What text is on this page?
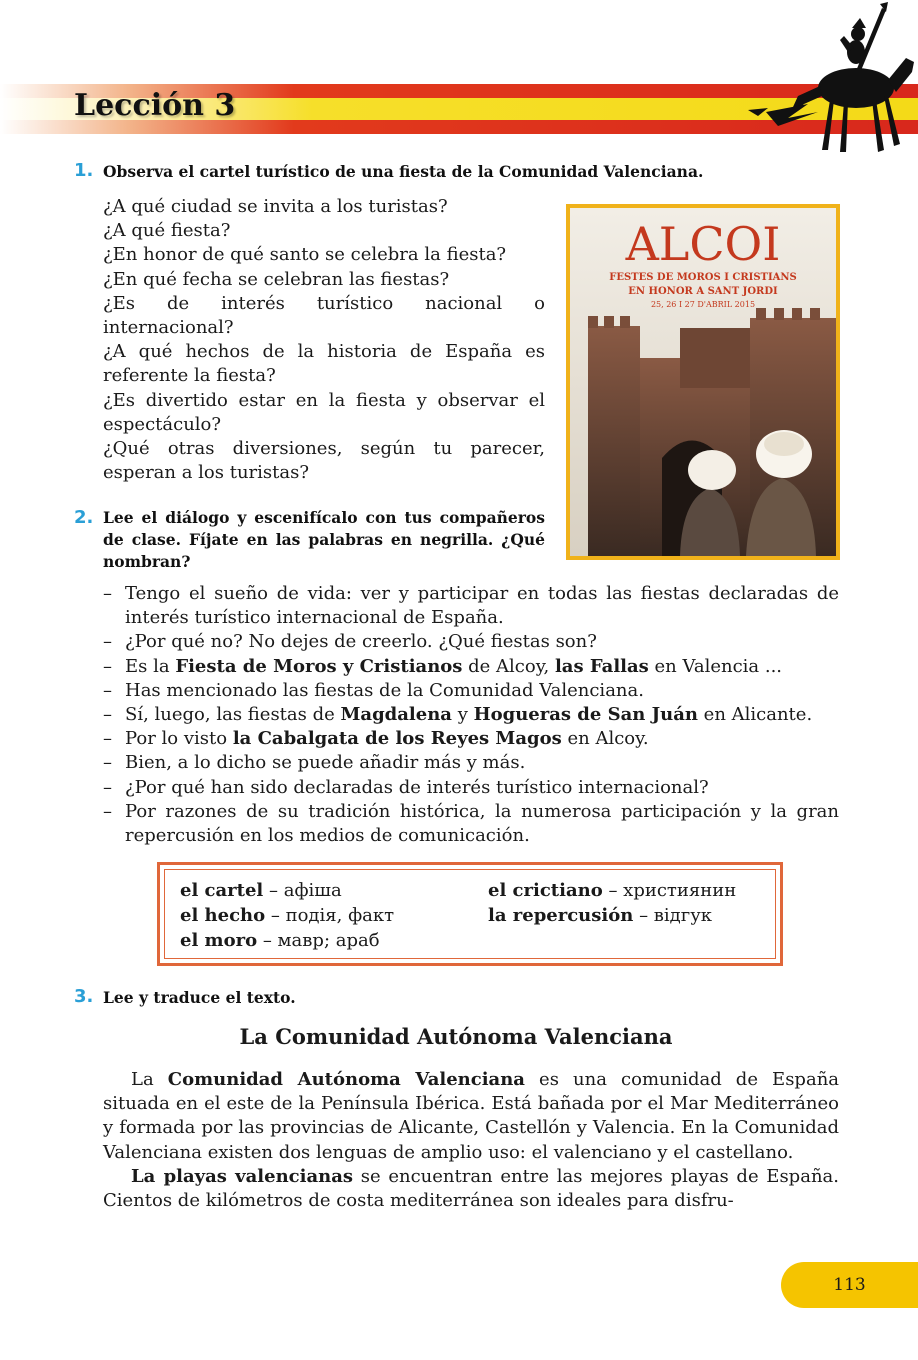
Lección 3
1. Observa el cartel turístico de una fiesta de la Comunidad Valenciana.

¿A qué ciudad se invita a los turistas?

¿A qué fiesta?

¿En honor de qué santo se celebra la fiesta?

¿En qué fecha se celebran las fiestas?

¿Es de interés turístico nacional o internacional?

¿A qué hechos de la historia de España es referente la fiesta?

¿Es divertido estar en la fiesta y observar el espectáculo?

¿Qué otras diversiones, según tu parecer, esperan a los turistas?

ALCOI
FESTES DE MOROS I CRISTIANS
EN HONOR A SANT JORDI
25, 26 I 27 D'ABRIL 2015
2. Lee el diálogo y escenifícalo con tus compañeros de clase. Fíjate en las palabras en negrilla. ¿Qué nombran?
– Tengo el sueño de vida: ver y participar en todas las fiestas declaradas de interés turístico internacional de España.
– ¿Por qué no? No dejes de creerlo. ¿Qué fiestas son?
– Es la Fiesta de Moros y Cristianos de Alcoy, las Fallas en Valencia ...
– Has mencionado las fiestas de la Comunidad Valenciana.
– Sí, luego, las fiestas de Magdalena y Hogueras de San Juán en Alicante.
– Por lo visto la Cabalgata de los Reyes Magos en Alcoy.
– Bien, a lo dicho se puede añadir más y más.
– ¿Por qué han sido declaradas de interés turístico internacional?
– Por razones de su tradición histórica, la numerosa participación y la gran repercusión en los medios de comunicación.
el cartel – афіша
el hecho – подія, факт
el moro – мавр; араб
el crictiano – християнин
la repercusión – відгук
3. Lee y traduce el texto.
La Comunidad Autónoma Valenciana

La Comunidad Autónoma Valenciana es una comunidad de España situada en el este de la Península Ibérica. Está bañada por el Mar Mediterráneo y formada por las provincias de Alicante, Castellón y Valencia. En la Comunidad Valenciana existen dos lenguas de amplio uso: el valenciano y el castellano.

La playas valencianas se encuentran entre las mejores playas de España. Cientos de kilómetros de costa mediterránea son ideales para disfru-

113
